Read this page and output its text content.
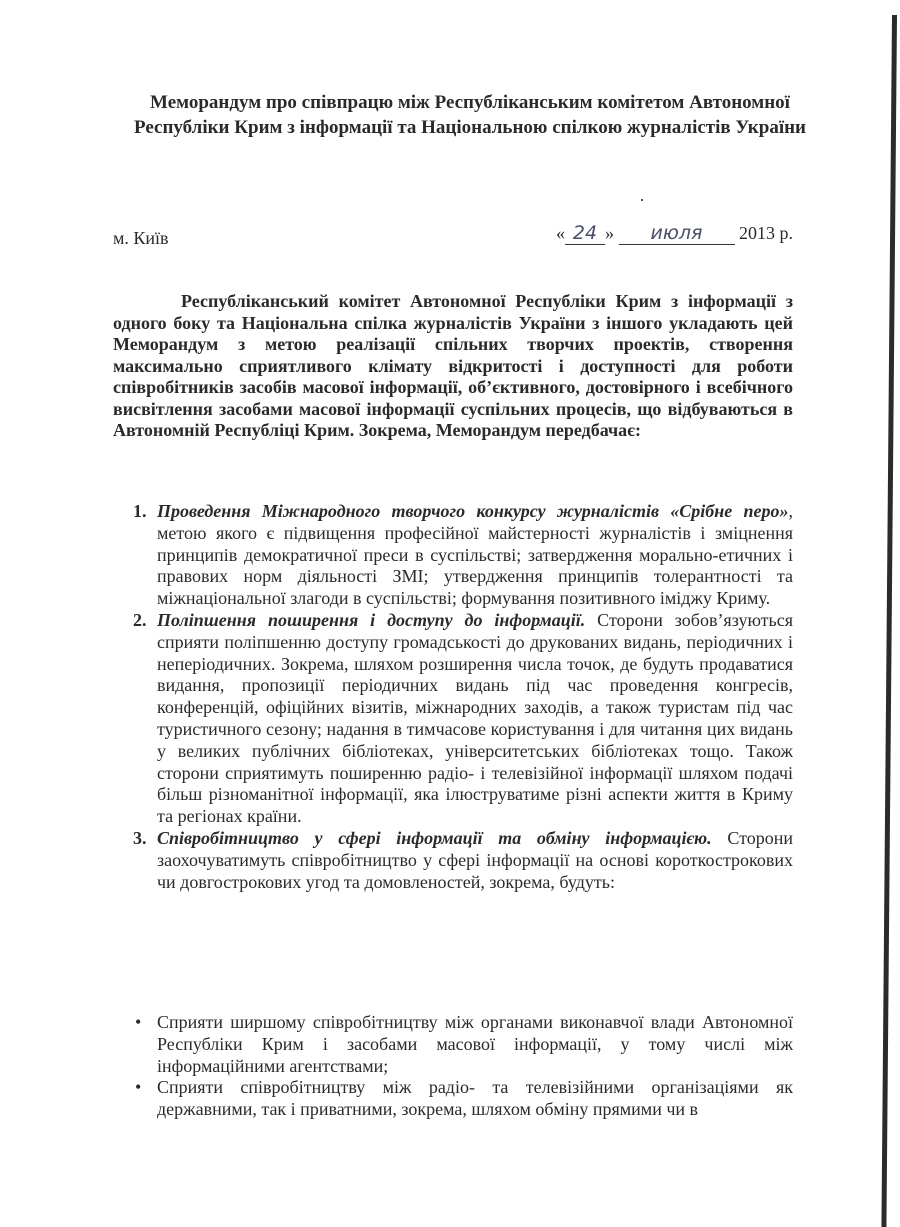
Меморандум про співпрацю між Республіканським комітетом Автономної Республіки Крим з інформації та Національною спілкою журналістів України
м. Київ	« 24 » июля 2013 р.
Республіканський комітет Автономної Республіки Крим з інформації з одного боку та Національна спілка журналістів України з іншого укладають цей Меморандум з метою реалізації спільних творчих проектів, створення максимально сприятливого клімату відкритості і доступності для роботи співробітників засобів масової інформації, об’єктивного, достовірного і всебічного висвітлення засобами масової інформації суспільних процесів, що відбуваються в Автономній Республіці Крим. Зокрема, Меморандум передбачає:
1. Проведення Міжнародного творчого конкурсу журналістів «Срібне перо», метою якого є підвищення професійної майстерності журналістів і зміцнення принципів демократичної преси в суспільстві; затвердження морально-етичних і правових норм діяльності ЗМІ; утвердження принципів толерантності та міжнаціональної злагоди в суспільстві; формування позитивного іміджу Криму.
2. Поліпшення поширення і доступу до інформації. Сторони зобов’язуються сприяти поліпшенню доступу громадськості до друкованих видань, періодичних і неперіодичних. Зокрема, шляхом розширення числа точок, де будуть продаватися видання, пропозиції періодичних видань під час проведення конгресів, конференцій, офіційних візитів, міжнародних заходів, а також туристам під час туристичного сезону; надання в тимчасове користування і для читання цих видань у великих публічних бібліотеках, університетських бібліотеках тощо. Також сторони сприятимуть поширенню радіо- і телевізійної інформації шляхом подачі більш різноманітної інформації, яка ілюструватиме різні аспекти життя в Криму та регіонах країни.
3. Співробітництво у сфері інформації та обміну інформацією. Сторони заохочуватимуть співробітництво у сфері інформації на основі короткострокових чи довгострокових угод та домовленостей, зокрема, будуть:
• Сприяти ширшому співробітництву між органами виконавчої влади Автономної Республіки Крим і засобами масової інформації, у тому числі між інформаційними агентствами;
• Сприяти співробітництву між радіо- та телевізійними організаціями як державними, так і приватними, зокрема, шляхом обміну прямими чи в
